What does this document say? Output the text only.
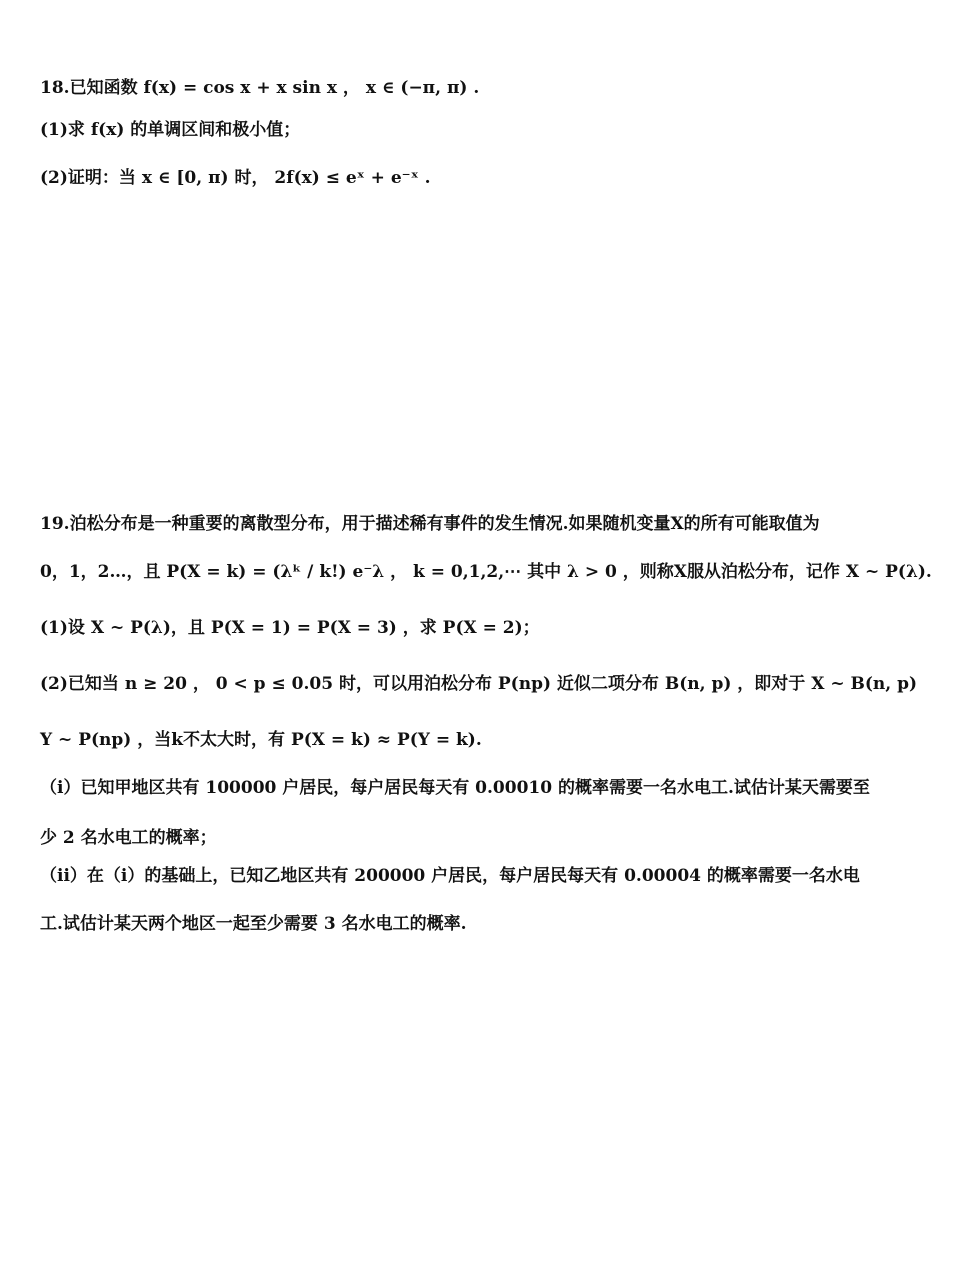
18.已知函数 f(x) = cos x + x sin x ， x ∈ (−π, π) .
(1)求 f(x) 的单调区间和极小值；
(2)证明：当 x ∈ [0, π) 时， 2f(x) ≤ eˣ + e⁻ˣ .
19.泊松分布是一种重要的离散型分布，用于描述稀有事件的发生情况.如果随机变量X的所有可能取值为
0，1，2…，且 P(X = k) = (λᵏ / k!) e⁻λ ， k = 0,1,2,⋯ 其中 λ > 0 ，则称X服从泊松分布，记作 X ~ P(λ).
(1)设 X ~ P(λ)，且 P(X = 1) = P(X = 3) ，求 P(X = 2)；
(2)已知当 n ≥ 20 ， 0 < p ≤ 0.05 时，可以用泊松分布 P(np) 近似二项分布 B(n, p) ，即对于 X ~ B(n, p)
Y ~ P(np) ，当k不太大时，有 P(X = k) ≈ P(Y = k).
（i）已知甲地区共有 100000 户居民，每户居民每天有 0.00010 的概率需要一名水电工.试估计某天需要至
少 2 名水电工的概率；
（ii）在（i）的基础上，已知乙地区共有 200000 户居民，每户居民每天有 0.00004 的概率需要一名水电
工.试估计某天两个地区一起至少需要 3 名水电工的概率.
